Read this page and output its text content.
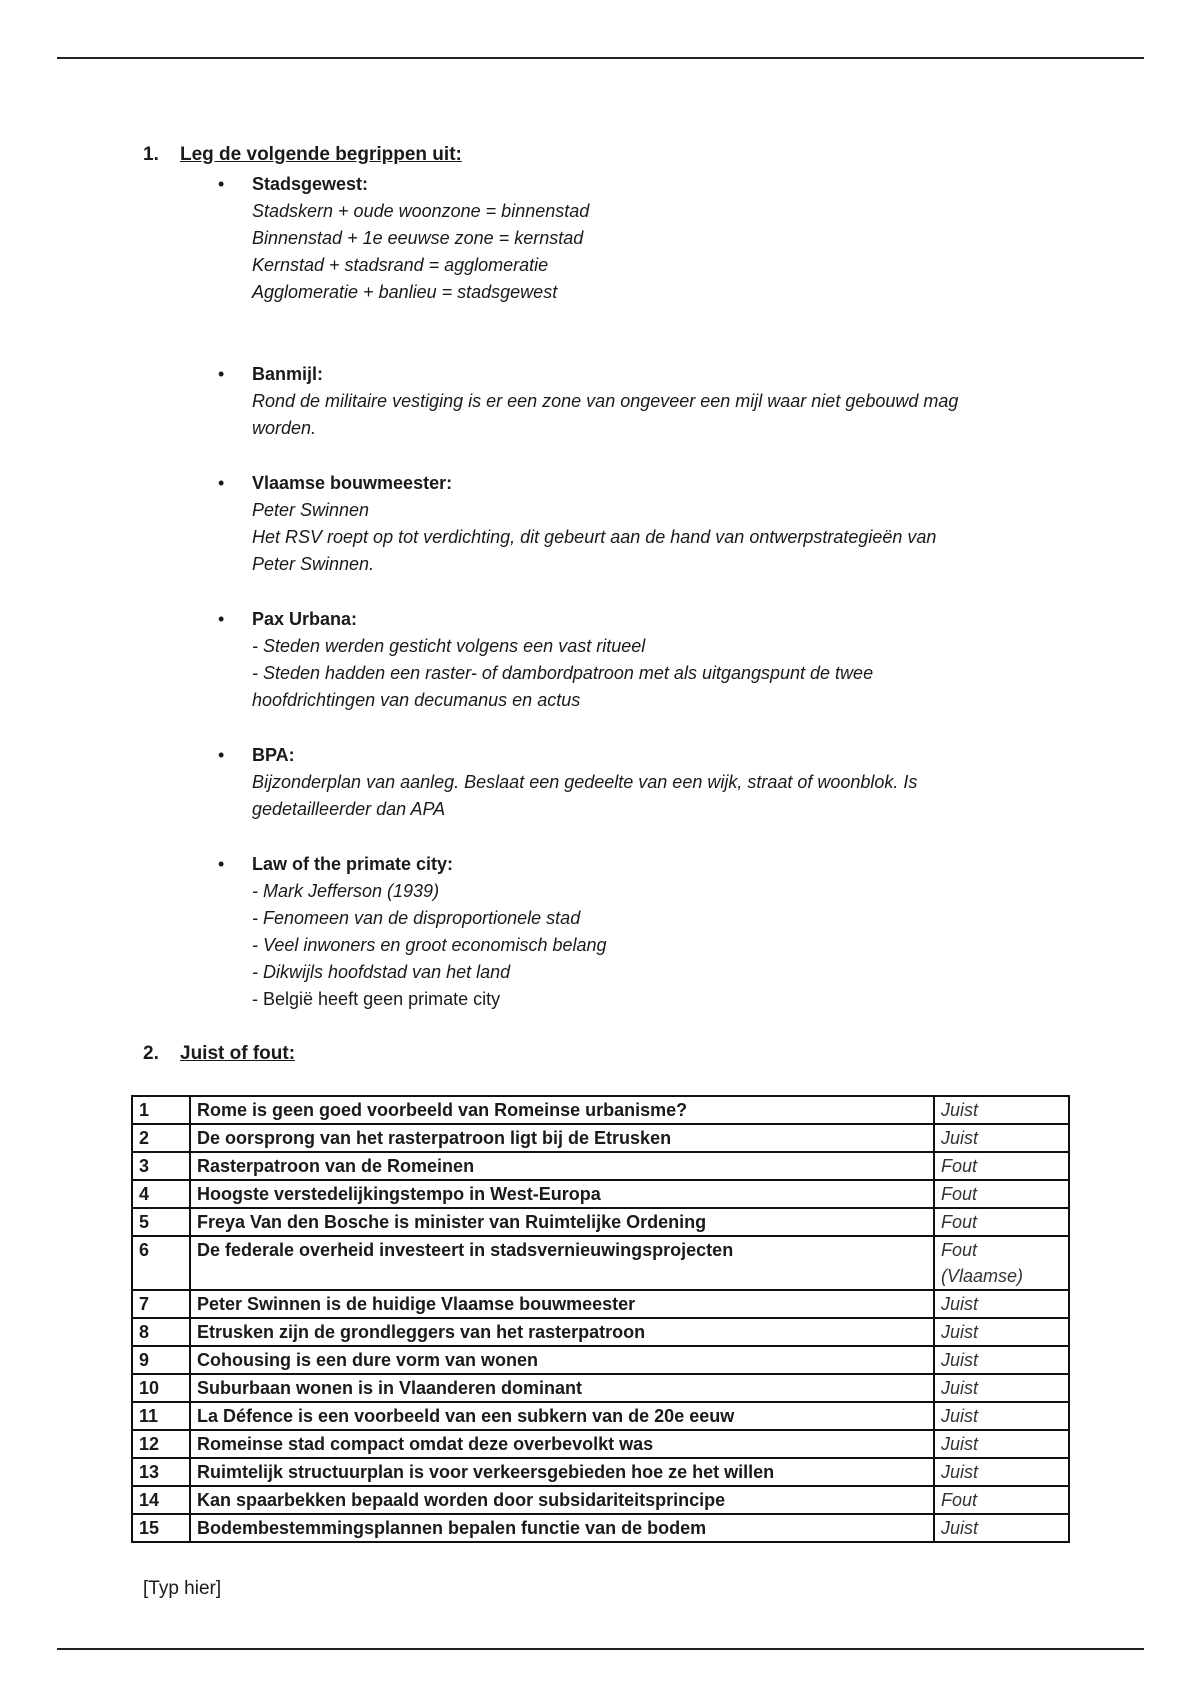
1. Leg de volgende begrippen uit:
•	Stadsgewest:
Stadskern + oude woonzone = binnenstad
Binnenstad + 1e eeuwse zone = kernstad
Kernstad + stadsrand = agglomeratie
Agglomeratie + banlieu = stadsgewest
•	Banmijl:
Rond de militaire vestiging is er een zone van ongeveer een mijl waar niet gebouwd mag
worden.
•	Vlaamse bouwmeester:
Peter Swinnen
Het RSV roept op tot verdichting, dit gebeurt aan de hand van ontwerpstrategieën van
Peter Swinnen.
•	Pax Urbana:
- Steden werden gesticht volgens een vast ritueel
- Steden hadden een raster- of dambordpatroon met als uitgangspunt de twee
hoofdrichtingen van decumanus en actus
•	BPA:
Bijzonderplan van aanleg. Beslaat een gedeelte van een wijk, straat of woonblok. Is
gedetailleerder dan APA
•	Law of the primate city:
- Mark Jefferson (1939)
- Fenomeen van de disproportionele stad
- Veel inwoners en groot economisch belang
- Dikwijls hoofdstad van het land
- België heeft geen primate city
2. Juist of fout:
1	Rome is geen goed voorbeeld van Romeinse urbanisme?	Juist
2	De oorsprong van het rasterpatroon ligt bij de Etrusken	Juist
3	Rasterpatroon van de Romeinen	Fout
4	Hoogste verstedelijkingstempo in West-Europa	Fout
5	Freya Van den Bosche is minister van Ruimtelijke Ordening	Fout
6	De federale overheid investeert in stadsvernieuwingsprojecten	Fout
(Vlaamse)

7	Peter Swinnen is de huidige Vlaamse bouwmeester	Juist
8	Etrusken zijn de grondleggers van het rasterpatroon	Juist
9	Cohousing is een dure vorm van wonen	Juist
10	Suburbaan wonen is in Vlaanderen dominant	Juist
11	La Défence is een voorbeeld van een subkern van de 20e eeuw	Juist
12	Romeinse stad compact omdat deze overbevolkt was	Juist
13	Ruimtelijk structuurplan is voor verkeersgebieden hoe ze het willen	Juist
14	Kan spaarbekken bepaald worden door subsidariteitsprincipe	Fout
15	Bodembestemmingsplannen bepalen functie van de bodem	Juist
[Typ hier]
